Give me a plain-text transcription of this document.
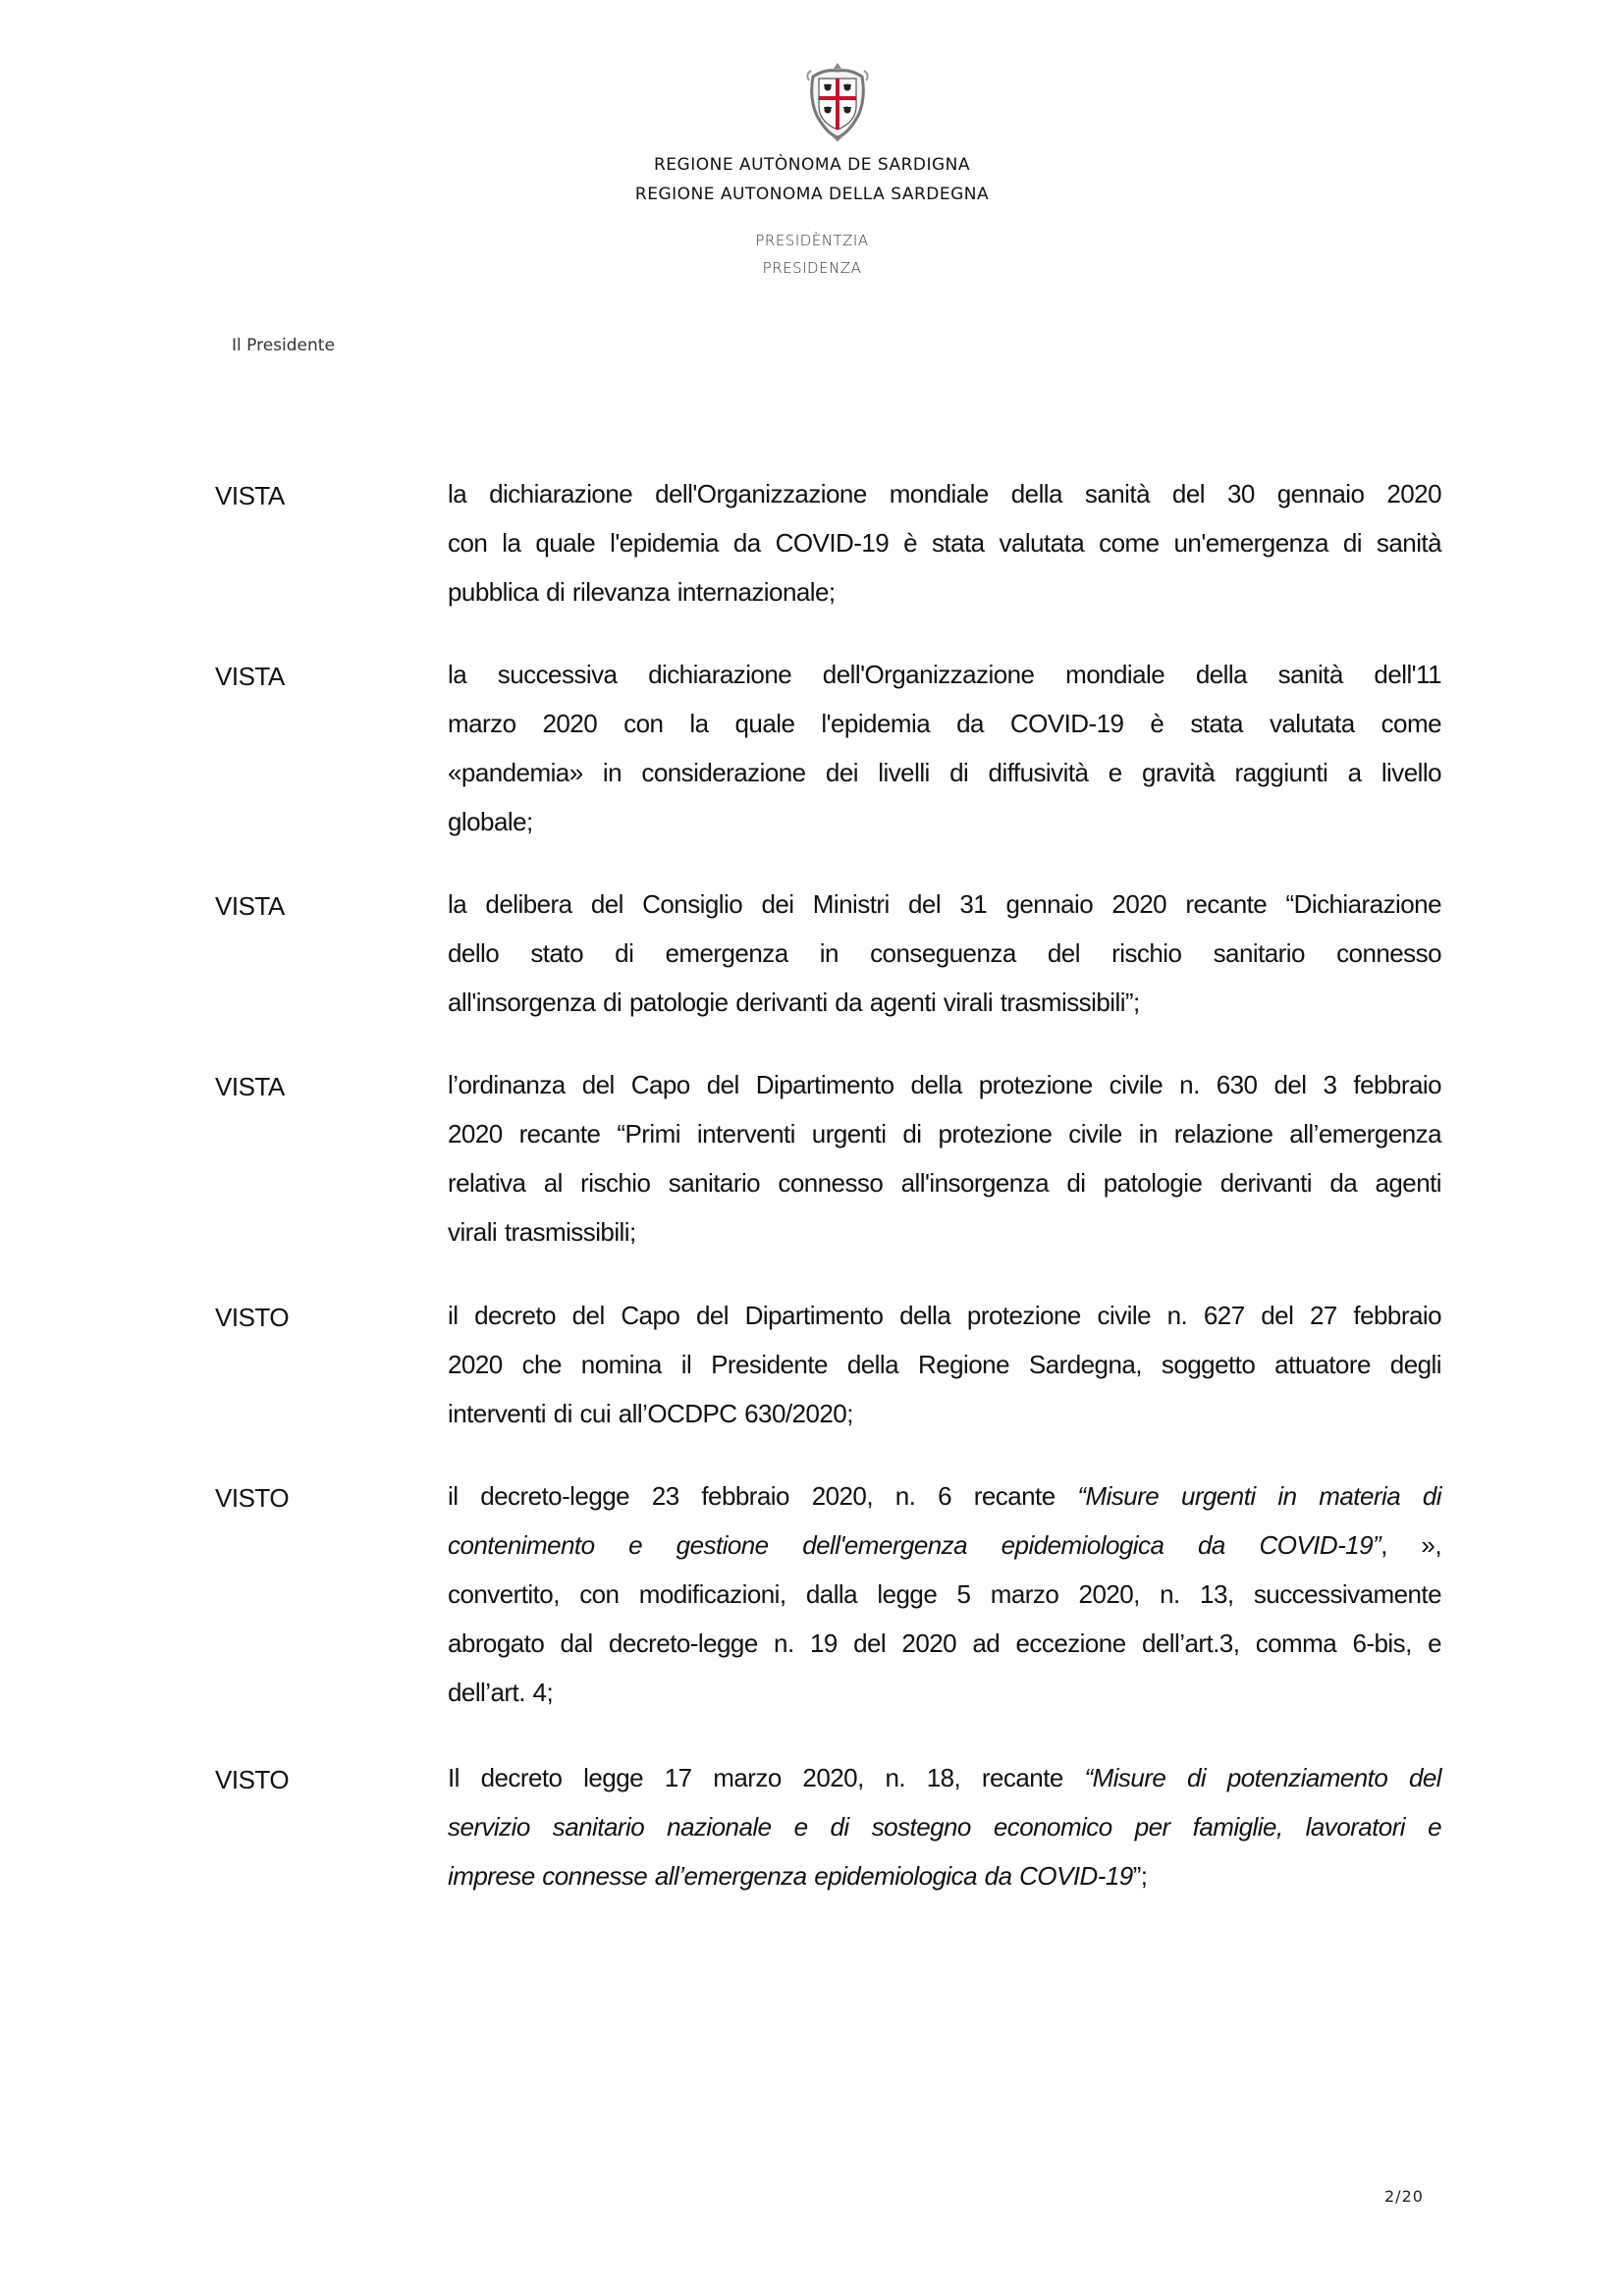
REGIONE AUTÒNOMA DE SARDIGNA
REGIONE AUTONOMA DELLA SARDEGNA
PRESIDÈNTZIA
PRESIDENZA
Il Presidente
VISTA	la dichiarazione dell'Organizzazione mondiale della sanità del 30 gennaio 2020
con la quale l'epidemia da COVID-19 è stata valutata come un'emergenza di sanità
pubblica di rilevanza internazionale;
VISTA	la successiva dichiarazione dell'Organizzazione mondiale della sanità dell'11
marzo 2020 con la quale l'epidemia da COVID-19 è stata valutata come
«pandemia» in considerazione dei livelli di diffusività e gravità raggiunti a livello
globale;
VISTA	la delibera del Consiglio dei Ministri del 31 gennaio 2020 recante “Dichiarazione
dello stato di emergenza in conseguenza del rischio sanitario connesso
all'insorgenza di patologie derivanti da agenti virali trasmissibili”;
VISTA	l’ordinanza del Capo del Dipartimento della protezione civile n. 630 del 3 febbraio
2020 recante “Primi interventi urgenti di protezione civile in relazione all’emergenza
relativa al rischio sanitario connesso all'insorgenza di patologie derivanti da agenti
virali trasmissibili;
VISTO	il decreto del Capo del Dipartimento della protezione civile n. 627 del 27 febbraio
2020 che nomina il Presidente della Regione Sardegna, soggetto attuatore degli
interventi di cui all’OCDPC 630/2020;
VISTO	il decreto-legge 23 febbraio 2020, n. 6 recante “Misure urgenti in materia di
contenimento e gestione dell'emergenza epidemiologica da COVID-19”, »,
convertito, con modificazioni, dalla legge 5 marzo 2020, n. 13, successivamente
abrogato dal decreto-legge n. 19 del 2020 ad eccezione dell’art.3, comma 6-bis, e
dell’art. 4;
VISTO	Il decreto legge 17 marzo 2020, n. 18, recante “Misure di potenziamento del
servizio sanitario nazionale e di sostegno economico per famiglie, lavoratori e
imprese connesse all’emergenza epidemiologica da COVID-19”;
2/20
